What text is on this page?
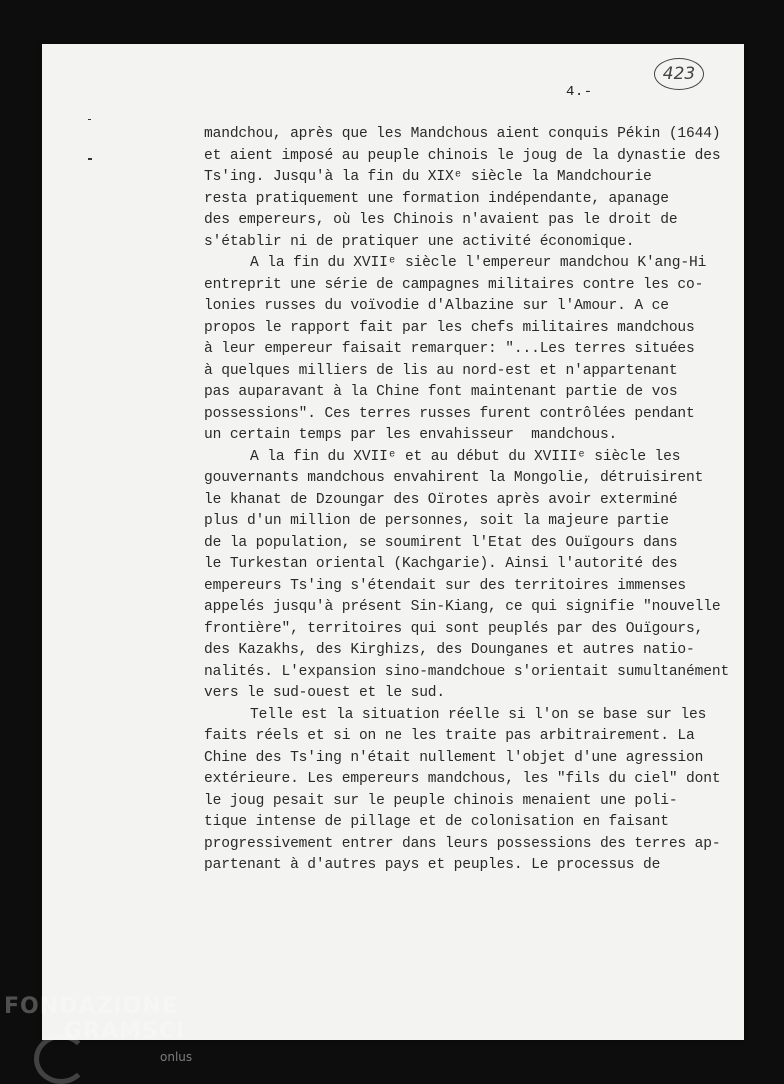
423
4.-
mandchou, après que les Mandchous aient conquis Pékin (1644)
et aient imposé au peuple chinois le joug de la dynastie des
Ts'ing. Jusqu'à la fin du XIXᵉ siècle la Mandchourie
resta pratiquement une formation indépendante, apanage
des empereurs, où les Chinois n'avaient pas le droit de
s'établir ni de pratiquer une activité économique.
A la fin du XVIIᵉ siècle l'empereur mandchou K'ang-Hi
entreprit une série de campagnes militaires contre les co-
lonies russes du voïvodie d'Albazine sur l'Amour. A ce
propos le rapport fait par les chefs militaires mandchous
à leur empereur faisait remarquer: "...Les terres situées
à quelques milliers de lis au nord-est et n'appartenant
pas auparavant à la Chine font maintenant partie de vos
possessions". Ces terres russes furent contrôlées pendant
un certain temps par les envahisseur  mandchous.
A la fin du XVIIᵉ et au début du XVIIIᵉ siècle les
gouvernants mandchous envahirent la Mongolie, détruisirent
le khanat de Dzoungar des Oïrotes après avoir exterminé
plus d'un million de personnes, soit la majeure partie
de la population, se soumirent l'Etat des Ouïgours dans
le Turkestan oriental (Kachgarie). Ainsi l'autorité des
empereurs Ts'ing s'étendait sur des territoires immenses
appelés jusqu'à présent Sin-Kiang, ce qui signifie "nouvelle
frontière", territoires qui sont peuplés par des Ouïgours,
des Kazakhs, des Kirghizs, des Dounganes et autres natio-
nalités. L'expansion sino-mandchoue s'orientait sumultanément
vers le sud-ouest et le sud.
Telle est la situation réelle si l'on se base sur les
faits réels et si on ne les traite pas arbitrairement. La
Chine des Ts'ing n'était nullement l'objet d'une agression
extérieure. Les empereurs mandchous, les "fils du ciel" dont
le joug pesait sur le peuple chinois menaient une poli-
tique intense de pillage et de colonisation en faisant
progressivement entrer dans leurs possessions des terres ap-
partenant à d'autres pays et peuples. Le processus de
FONDAZIONE
GRAMSCI
onlus
